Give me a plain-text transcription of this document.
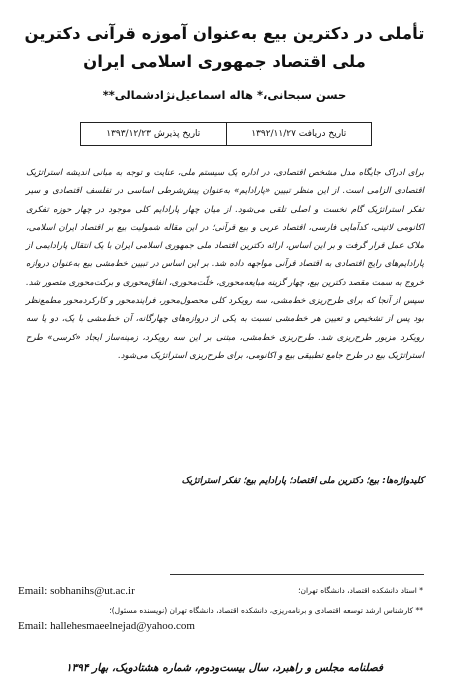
تأملی در دکترین بیع به‌عنوان آموزه قرآنی دکترین ملی اقتصاد جمهوری اسلامی ایران
حسن سبحانی،* هاله اسماعیل‌نژادشمالی**
تاریخ دریافت ۱۳۹۲/۱۱/۲۷
تاریخ پذیرش ۱۳۹۳/۱۲/۲۳
برای ادراک جایگاه مدل مشخص اقتصادی، در اداره یک سیستم ملی، عنایت و توجه به مبانی اندیشه استراتژیک اقتصادی الزامی است. از این منظر تبیین «پارادایم» به‌عنوان پیش‌شرطی اساسی در تفلسف اقتصادی و سیر تفکر استراتژیک گام نخست و اصلی تلقی می‌شود. از میان چهار پارادایم کلی موجود در چهار حوزه تفکری اکانومی لاتینی، کدآمایی فارسی، اقتصاد عربی و بیع قرآنی؛ در این مقاله شمولیت بیع بر اقتصاد ایران اسلامی، ملاک عمل قرار گرفت و بر این اساس، ارائه دکترین اقتصاد ملی جمهوری اسلامی ایران با یک انتقال پارادایمی از پارادایم‌های رایج اقتصادی به اقتصاد قرآنی مواجهه داده شد. بر این اساس در تبیین خط‌مشی بیع به‌عنوان دروازه خروج به سمت مقصد دکترین بیع، چهار گزینه مبایعه‌محوری، خلّت‌محوری، انفاق‌محوری و برکت‌محوری متصور شد. سپس از آنجا که برای طرح‌ریزی خط‌مشی، سه رویکرد کلی محصول‌محور، فرایند‌محور و کارکرد‌محور مطمع‌نظر بود پس از تشخیص و تعیین هر خط‌مشی نسبت به یکی از دروازه‌های چهارگانه، آن خط‌مشی با یک، دو یا سه رویکرد مزبور طرح‌ریزی شد. طرح‌ریزی خط‌مشی، مبتنی بر این سه رویکرد، زمینه‌ساز ایجاد «کرسی» طرح استراتژیک بیع در طرح جامع تطبیقی بیع و اکانومی، برای طرح‌ریزی استراتژیک می‌شود.
کلیدواژه‌ها: بیع؛ دکترین ملی اقتصاد؛ پارادایم بیع؛ تفکر استراتژیک
* استاد دانشکده اقتصاد، دانشگاه تهران؛
Email: sobhanihs@ut.ac.ir
** کارشناس ارشد توسعه اقتصادی و برنامه‌ریزی، دانشکده اقتصاد، دانشگاه تهران (نویسنده مسئول)؛
Email: hallehesmaeelnejad@yahoo.com
فصلنامه مجلس و راهبرد، سال بیست‌ودوم، شماره هشتادویک، بهار ۱۳۹۴
